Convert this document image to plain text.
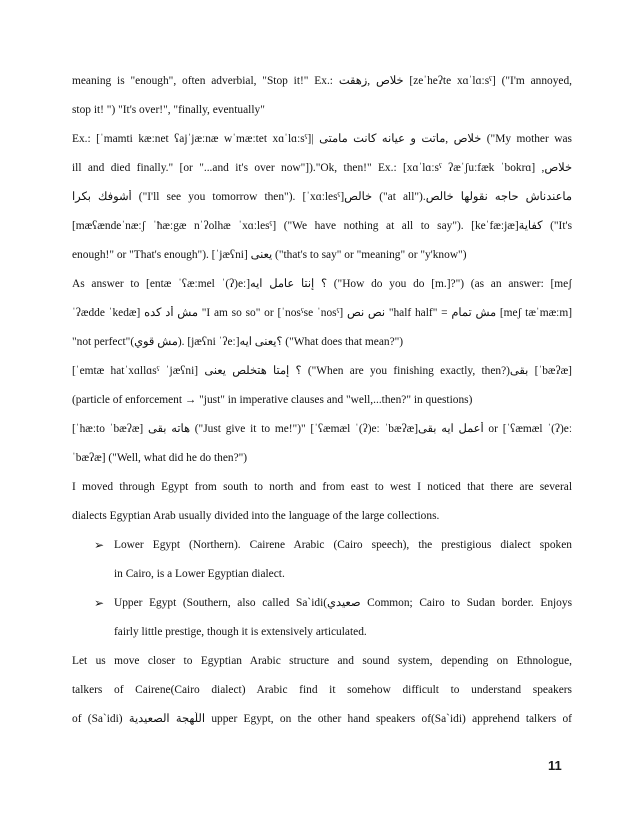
meaning is "enough", often adverbial, "Stop it!" Ex.: خلاص ,زهقت [zeˈheʔte xɑˈlɑːsˤ] ("I'm annoyed,
stop it! ") "It's over!", "finally, eventually"
Ex.: [ˈmamti kæːnet ʕajˈjæːnæ wˈmæːtet xɑˈlɑːsˤ]| خلاص ,ماتت و عيانه كانت مامتى ("My mother was
ill and died finally." [or "...and it's over now"])."Ok, then!" Ex.: [xɑˈlɑːsˤ ʔæˈʃuːfæk ˈbokrɑ] ,خلاص
أشوفك بكرا ("I'll see you tomorrow then"). [ˈxɑːlesˤ]خالص ("at all").ماعندناش حاجه نقولها خالص
[mæʕændeˈnæːʃ ˈħæːgæ nˈʔolhæ ˈxɑːlesˤ] ("We have nothing at all to say"). [keˈfæːjæ]كفاية ("It's
enough!" or "That's enough"). [ˈjæʕni] يعنى ("that's to say" or "meaning" or "y'know")
As answer to [entæ ˈʕæːmel ˈ(ʔ)eː]؟ إنتا عامل ايه ("How do you do [m.]?") (as an answer: [meʃ
ˈʔædde ˈkedæ] مش أد كده "I am so so" or [ˈnosˤse ˈnosˤ] نص نص "half half" = مش تمام [meʃ tæˈmæːm]
"not perfect"(مش قوي). [jæʕni ˈʔeː]؟يعنى ايه ("What does that mean?")
[ˈemtæ hatˈxɑllɑsˤ ˈjæʕni] ؟ إمتا هتخلص يعنى ("When are you finishing exactly, then?)بقى [ˈbæʔæ]
(particle of enforcement → "just" in imperative clauses and "well,...then?" in questions)
[ˈhæːto ˈbæʔæ] هاته بقى ("Just give it to me!")" [ˈʕæmæl ˈ(ʔ)eː ˈbæʔæ]أعمل ايه بقى or [ˈʕæmæl ˈ(ʔ)eː
ˈbæʔæ] ("Well, what did he do then?")
I moved through Egypt from south to north and from east to west I noticed that there are several
dialects Egyptian Arab usually divided into the language of the large collections.
➢ Lower Egypt (Northern). Cairene Arabic (Cairo speech), the prestigious dialect spoken
in Cairo, is a Lower Egyptian dialect.
➢ Upper Egypt (Southern, also called Sa`idi(صعيدي Common; Cairo to Sudan border. Enjoys
fairly little prestige, though it is extensively articulated.
Let us move closer to Egyptian Arabic structure and sound system, depending on Ethnologue,
talkers of Cairene(Cairo dialect) Arabic find it somehow difficult to understand speakers
of (Sa`idi) اللّهجة الصعيدية upper Egypt, on the other hand speakers of(Sa`idi) apprehend talkers of
11
